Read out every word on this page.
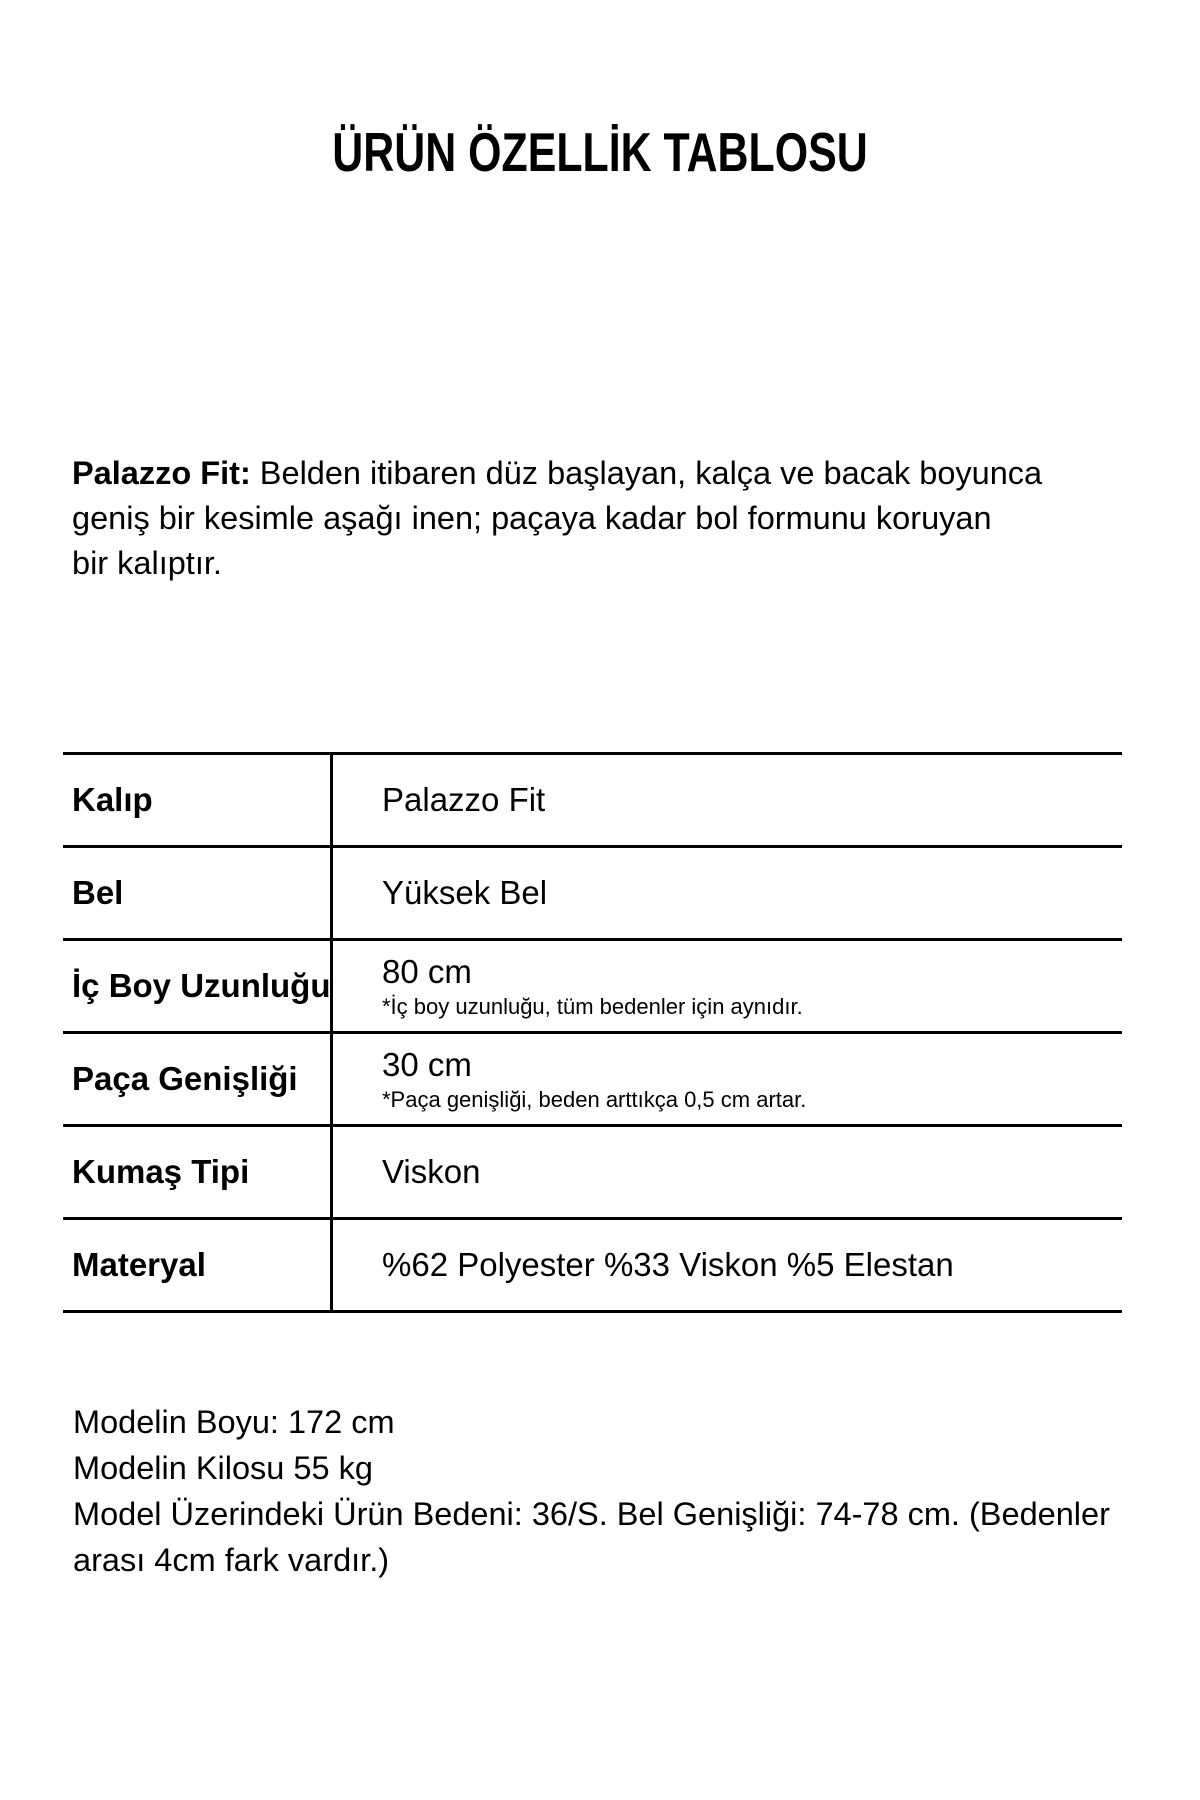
ÜRÜN ÖZELLİK TABLOSU

Palazzo Fit: Belden itibaren düz başlayan, kalça ve bacak boyunca
geniş bir kesimle aşağı inen; paçaya kadar bol formunu koruyan
bir kalıptır.

Kalıp	Palazzo Fit
Bel	Yüksek Bel
İç Boy Uzunluğu 80 cm
*İç boy uzunluğu, tüm bedenler için aynıdır.
Paça Genişliği	30 cm
*Paça genişliği, beden arttıkça 0,5 cm artar.
Kumaş Tipi	Viskon
Materyal	%62 Polyester %33 Viskon %5 Elestan
Modelin Boyu: 172 cm
Modelin Kilosu 55 kg
Model Üzerindeki Ürün Bedeni: 36/S. Bel Genişliği: 74-78 cm. (Bedenler
arası 4cm fark vardır.)
